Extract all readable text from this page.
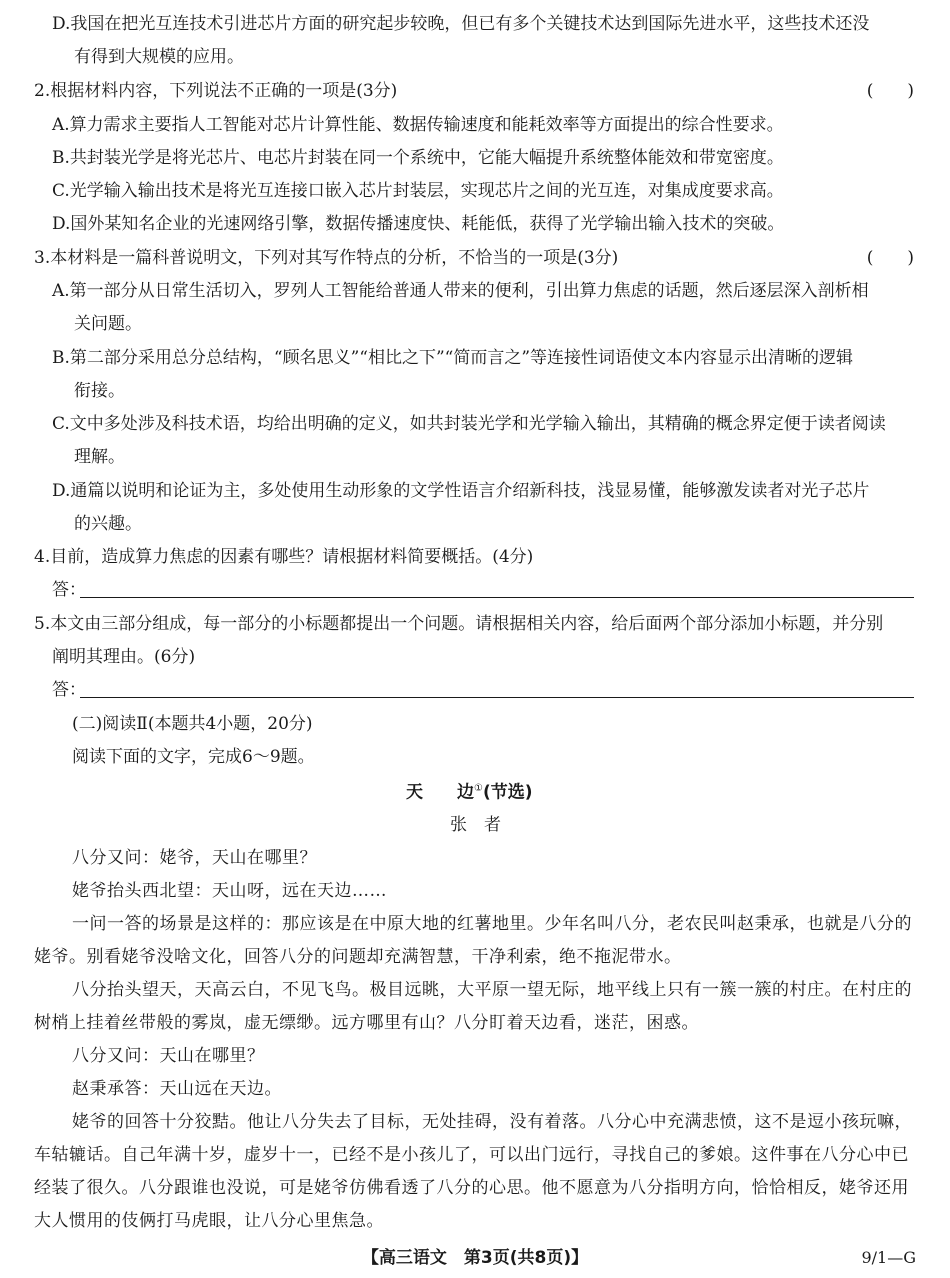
D.我国在把光互连技术引进芯片方面的研究起步较晚，但已有多个关键技术达到国际先进水平，这些技术还没
有得到大规模的应用。
2.根据材料内容，下列说法不正确的一项是(3分)
A.算力需求主要指人工智能对芯片计算性能、数据传输速度和能耗效率等方面提出的综合性要求。
B.共封装光学是将光芯片、电芯片封装在同一个系统中，它能大幅提升系统整体能效和带宽密度。
C.光学输入输出技术是将光互连接口嵌入芯片封装层，实现芯片之间的光互连，对集成度要求高。
D.国外某知名企业的光速网络引擎，数据传播速度快、耗能低，获得了光学输出输入技术的突破。
3.本材料是一篇科普说明文，下列对其写作特点的分析，不恰当的一项是(3分)
A.第一部分从日常生活切入，罗列人工智能给普通人带来的便利，引出算力焦虑的话题，然后逐层深入剖析相
关问题。
B.第二部分采用总分总结构，“顾名思义”“相比之下”“简而言之”等连接性词语使文本内容显示出清晰的逻辑
衔接。
C.文中多处涉及科技术语，均给出明确的定义，如共封装光学和光学输入输出，其精确的概念界定便于读者阅读
理解。
D.通篇以说明和论证为主，多处使用生动形象的文学性语言介绍新科技，浅显易懂，能够激发读者对光子芯片
的兴趣。
4.目前，造成算力焦虑的因素有哪些？请根据材料简要概括。(4分)
答：
5.本文由三部分组成，每一部分的小标题都提出一个问题。请根据相关内容，给后面两个部分添加小标题，并分别
阐明其理由。(6分)
答：
(二)阅读Ⅱ(本题共4小题，20分)
阅读下面的文字，完成6～9题。
张　者
八分又问：姥爷，天山在哪里？
姥爷抬头西北望：天山呀，远在天边……
一问一答的场景是这样的：那应该是在中原大地的红薯地里。少年名叫八分，老农民叫赵秉承，也就是八分的
姥爷。别看姥爷没啥文化，回答八分的问题却充满智慧，干净利索，绝不拖泥带水。
八分抬头望天，天高云白，不见飞鸟。极目远眺，大平原一望无际，地平线上只有一簇一簇的村庄。在村庄的
树梢上挂着丝带般的雾岚，虚无缥缈。远方哪里有山？八分盯着天边看，迷茫，困惑。
八分又问：天山在哪里？
赵秉承答：天山远在天边。
姥爷的回答十分狡黠。他让八分失去了目标，无处挂碍，没有着落。八分心中充满悲愤，这不是逗小孩玩嘛，
车轱辘话。自己年满十岁，虚岁十一，已经不是小孩儿了，可以出门远行，寻找自己的爹娘。这件事在八分心中已
经装了很久。八分跟谁也没说，可是姥爷仿佛看透了八分的心思。他不愿意为八分指明方向，恰恰相反，姥爷还用
大人惯用的伎俩打马虎眼，让八分心里焦急。
(　　)
(　　)
天　　边①(节选)
【高三语文　第3页(共8页)】	9/1—G
